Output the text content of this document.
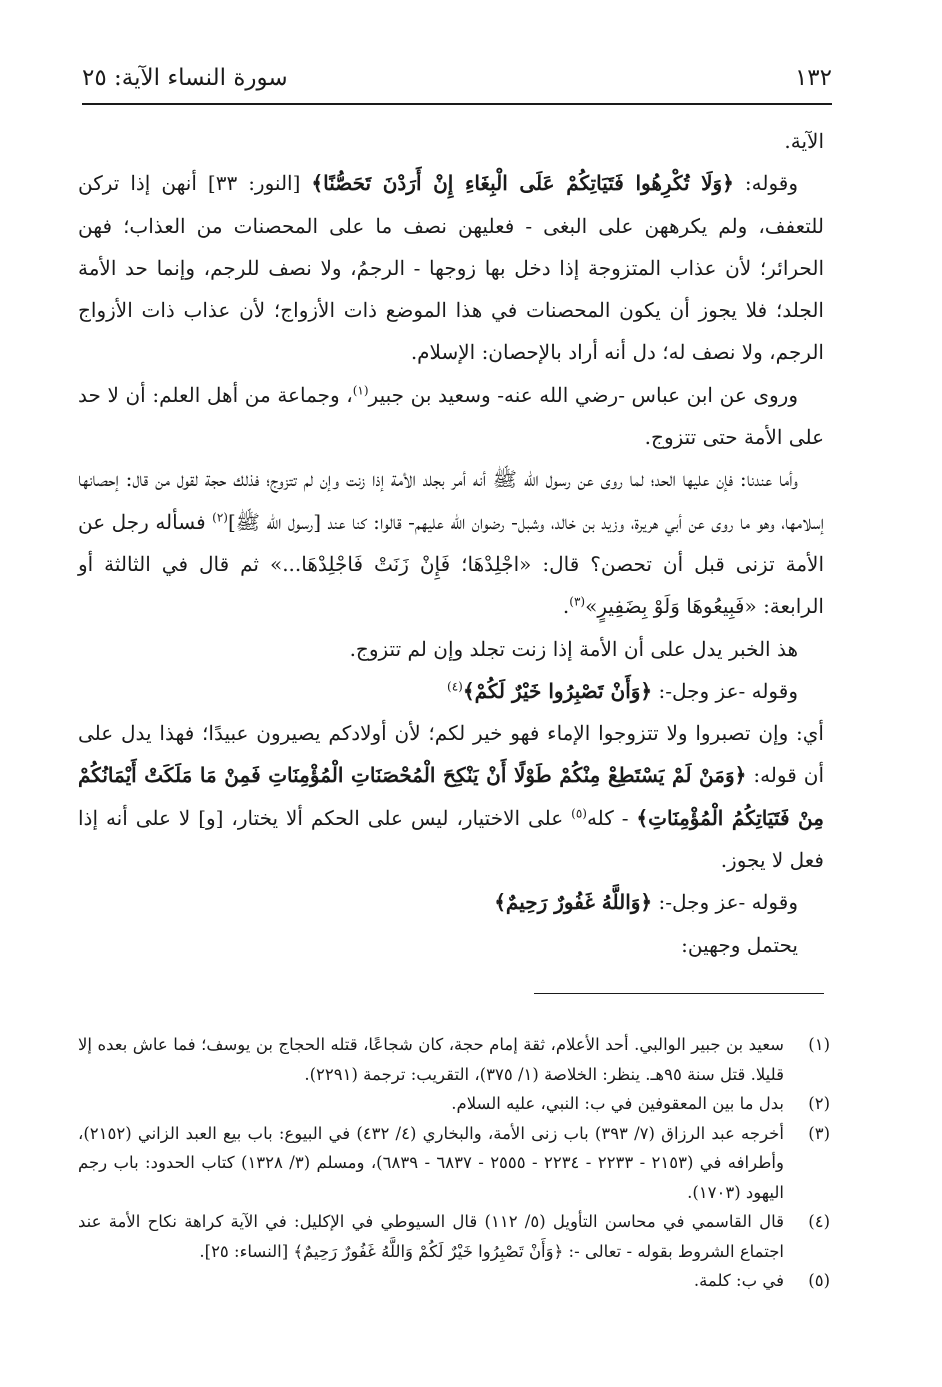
سورة النساء الآية: ٢٥	١٣٢

الآية.

وقوله: ﴿وَلَا تُكْرِهُوا فَتَيَاتِكُمْ عَلَى الْبِغَاءِ إِنْ أَرَدْنَ تَحَصُّنًا﴾ [النور: ٣٣] أنهن إذا تركن للتعفف، ولم يكرههن على البغى - فعليهن نصف ما على المحصنات من العذاب؛ فهن الحرائر؛ لأن عذاب المتزوجة إذا دخل بها زوجها - الرجمُ، ولا نصف للرجم، وإنما حد الأمة الجلد؛ فلا يجوز أن يكون المحصنات في هذا الموضع ذات الأزواج؛ لأن عذاب ذات الأزواج الرجم، ولا نصف له؛ دل أنه أراد بالإحصان: الإسلام.

وروى عن ابن عباس -رضي الله عنه- وسعيد بن جبير$^{(١)}$، وجماعة من أهل العلم: أن لا حد على الأمة حتى تتزوج.

وأما عندنا: فإن عليها الحد؛ لما روى عن رسول الله ﷺ أنه أمر بجلد الأمة إذا زنت وإن لم تتزوج؛ فذلك حجة لقول من قال: إحصانها إسلامها، وهو ما روى عن أبي هريرة، وزيد بن خالد، وشبل- رضوان الله عليهم- قالوا: كنا عند [رسول الله ﷺ]$^{(٢)}$ فسأله رجل عن الأمة تزنى قبل أن تحصن؟ قال: «اجْلِدْهَا؛ فَإِنْ زَنَتْ فَاجْلِدْهَا...» ثم قال في الثالثة أو الرابعة: «فَبِيعُوهَا وَلَوْ بِضَفِيرٍ»$^{(٣)}$.

هذ الخبر يدل على أن الأمة إذا زنت تجلد وإن لم تتزوج.

وقوله -عز وجل-: ﴿وَأَنْ تَصْبِرُوا خَيْرٌ لَكُمْ﴾$^{(٤)}$

أي: وإن تصبروا ولا تتزوجوا الإماء فهو خير لكم؛ لأن أولادكم يصيرون عبيدًا؛ فهذا يدل على أن قوله: ﴿وَمَنْ لَمْ يَسْتَطِعْ مِنْكُمْ طَوْلًا أَنْ يَنْكِحَ الْمُحْصَنَاتِ الْمُؤْمِنَاتِ فَمِنْ مَا مَلَكَتْ أَيْمَانُكُمْ مِنْ فَتَيَاتِكُمُ الْمُؤْمِنَاتِ﴾ - كله$^{(٥)}$ على الاختيار، ليس على الحكم ألا يختار، [و] لا على أنه إذا فعل لا يجوز.

وقوله -عز وجل-: ﴿وَاللَّهُ غَفُورٌ رَحِيمٌ﴾

يحتمل وجهين:

(١)
سعيد بن جبير الوالبي. أحد الأعلام، ثقة إمام حجة، كان شجاعًا، قتله الحجاج بن يوسف؛ فما عاش بعده إلا قليلا. قتل سنة ٩٥هـ. ينظر: الخلاصة (١/ ٣٧٥)، التقريب: ترجمة (٢٢٩١).
(٢)
بدل ما بين المعقوفين في ب: النبي، عليه السلام.
(٣)
أخرجه عبد الرزاق (٧/ ٣٩٣) باب زنى الأمة، والبخاري (٤/ ٤٣٢) في البيوع: باب بيع العبد الزاني (٢١٥٢)، وأطرافه في (٢١٥٣ - ٢٢٣٣ - ٢٢٣٤ - ٢٥٥٥ - ٦٨٣٧ - ٦٨٣٩)، ومسلم (٣/ ١٣٢٨) كتاب الحدود: باب رجم اليهود (١٧٠٣).
(٤)
قال القاسمي في محاسن التأويل (٥/ ١١٢) قال السيوطي في الإكليل: في الآية كراهة نكاح الأمة عند اجتماع الشروط بقوله - تعالى -: ﴿وَأَنْ تَصْبِرُوا خَيْرٌ لَكُمْ وَاللَّهُ غَفُورٌ رَحِيمٌ﴾ [النساء: ٢٥].
(٥)
في ب: كلمة.
